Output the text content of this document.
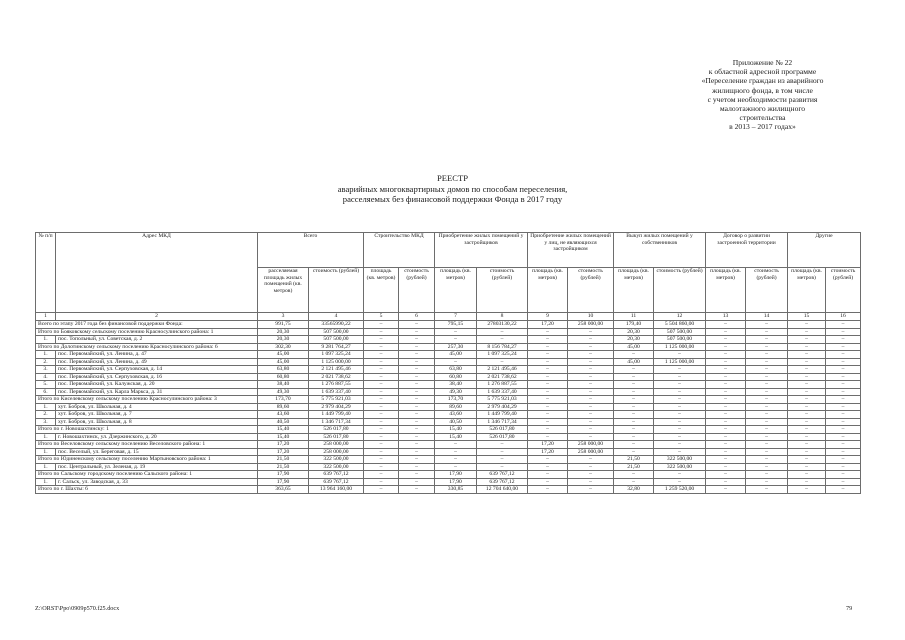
Приложение № 22
к областной адресной программе
«Переселение граждан из аварийного
жилищного фонда, в том числе
с учетом необходимости развития
малоэтажного жилищного
строительства
в 2013 – 2017 годах»
РЕЕСТР
аварийных многоквартирных домов по способам переселения,
расселяемых без финансовой поддержки Фонда в 2017 году
№ п/п	Адрес МКД	Всего		Строительство МКД		Приобретение жилых помещений у застройщиков		Приобретение жилых помещений у лиц, не являющихся застройщиком		Выкуп жилых помещений у собственников		Договор о развитии застроенной территории		Другие	
		расселяемая площадь жилых помещений (кв. метров)	стоимость (рублей)	площадь (кв. метров)	стоимость (рублей)	площадь (кв. метров)	стоимость (рублей)	площадь (кв. метров)	стоимость (рублей)	площадь (кв. метров)	стоимость (рублей)	площадь (кв. метров)	стоимость (рублей)	площадь (кв. метров)	стоимость (рублей)
1	2	3	4	5	6	7	8	9	10	11	12	13	14	15	16
Всего по этапу 2017 года без финансовой поддержки Фонда:		991,75	33565990,22	–	–	795,15	27803130,22	17,20	258 000,00	179,40	5 504 860,00	–	–	–	–
Итого по Бояковскому сельскому поселению Красносулинского района: 1		20,30	507 500,00	–	–	–	–	–	–	20,30	507 500,00	–	–	–	–
1.	пос. Топольный, ул. Советская, д. 2	20,30	507 500,00	–	–	–	–	–	–	20,30	507 500,00	–	–	–	–
Итого по Долотинскому сельскому поселению Красносулинского района: 6		302,30	9 281 764,27	–	–	257,30	8 156 784,27	–	–	45,00	1 125 000,00	–	–	–	–
1.	пос. Первомайский, ул. Ленина, д. 47	45,00	1 097 325,24	–	–	45,00	1 097 325,24	–	–	–	–	–	–	–	–
2.	пос. Первомайский, ул. Ленина, д. 49	45,00	1 125 000,00	–	–	–	–	–	–	45,00	1 125 000,00	–	–	–	–
3.	пос. Первомайский, ул. Серпуховская, д. 14	63,80	2 121 495,46	–	–	63,80	2 121 495,46	–	–	–	–	–	–	–	–
4.	пос. Первомайский, ул. Серпуховская, д. 16	60,80	2 021 738,62	–	–	60,80	2 021 738,62	–	–	–	–	–	–	–	–
5.	пос. Первомайский, ул. Калужская, д. 20	38,40	1 276 887,55	–	–	38,40	1 276 887,55	–	–	–	–	–	–	–	–
6.	пос. Первомайский, ул. Карла Маркса, д. 31	49,30	1 639 337,40	–	–	49,30	1 639 337,40	–	–	–	–	–	–	–	–
Итого по Киселевскому сельскому поселению Красносулинского района: 3		173,70	5 775 921,03	–	–	173,70	5 775 921,03	–	–	–	–	–	–	–	–
1.	хут. Бобров, ул. Школьная, д. 4	89,60	2 979 404,29	–	–	89,60	2 979 404,29	–	–	–	–	–	–	–	–
2.	хут. Бобров, ул. Школьная, д. 7	43,60	1 449 799,40	–	–	43,60	1 449 799,40	–	–	–	–	–	–	–	–
3.	хут. Бобров, ул. Школьная, д. 8	40,50	1 346 717,34	–	–	40,50	1 346 717,34	–	–	–	–	–	–	–	–
Итого по г. Новошахтинску: 1		15,40	526 017,80	–	–	15,40	526 017,80	–	–	–	–	–	–	–	–
1.	г. Новошахтинск, ул. Дзержинского, д. 20	15,40	526 017,80	–	–	15,40	526 017,80	–	–	–	–	–	–	–	–
Итого по Веселовскому сельскому поселению Веселовского района: 1		17,20	258 000,00	–	–	–	–	17,20	258 000,00	–	–	–	–	–	–
1.	пос. Веселый, ул. Береговая, д. 15	17,20	258 000,00	–	–	–	–	17,20	258 000,00	–	–	–	–	–	–
Итого по Юдиненскому сельскому поселению Мартыновского района: 1		21,50	322 500,00	–	–	–	–	–	–	21,50	322 500,00	–	–	–	–
1.	пос. Центральный, ул. Зеленая, д. 19	21,50	322 500,00	–	–	–	–	–	–	21,50	322 500,00	–	–	–	–
Итого по Сальскому городскому поселению Сальского района: 1		17,90	639 767,12	–	–	17,90	639 767,12	–	–	–	–	–	–	–	–
1.	г. Сальск, ул. Заводская, д. 33	17,90	639 767,12	–	–	17,90	639 767,12	–	–	–	–	–	–	–	–
Итого по г. Шахты: 6		363,65	13 964 160,00	–	–	330,85	12 704 640,00	–	–	32,80	1 259 520,00	–	–	–	–
Z:\ORST\Ppo\0909p570.f25.docx	79
